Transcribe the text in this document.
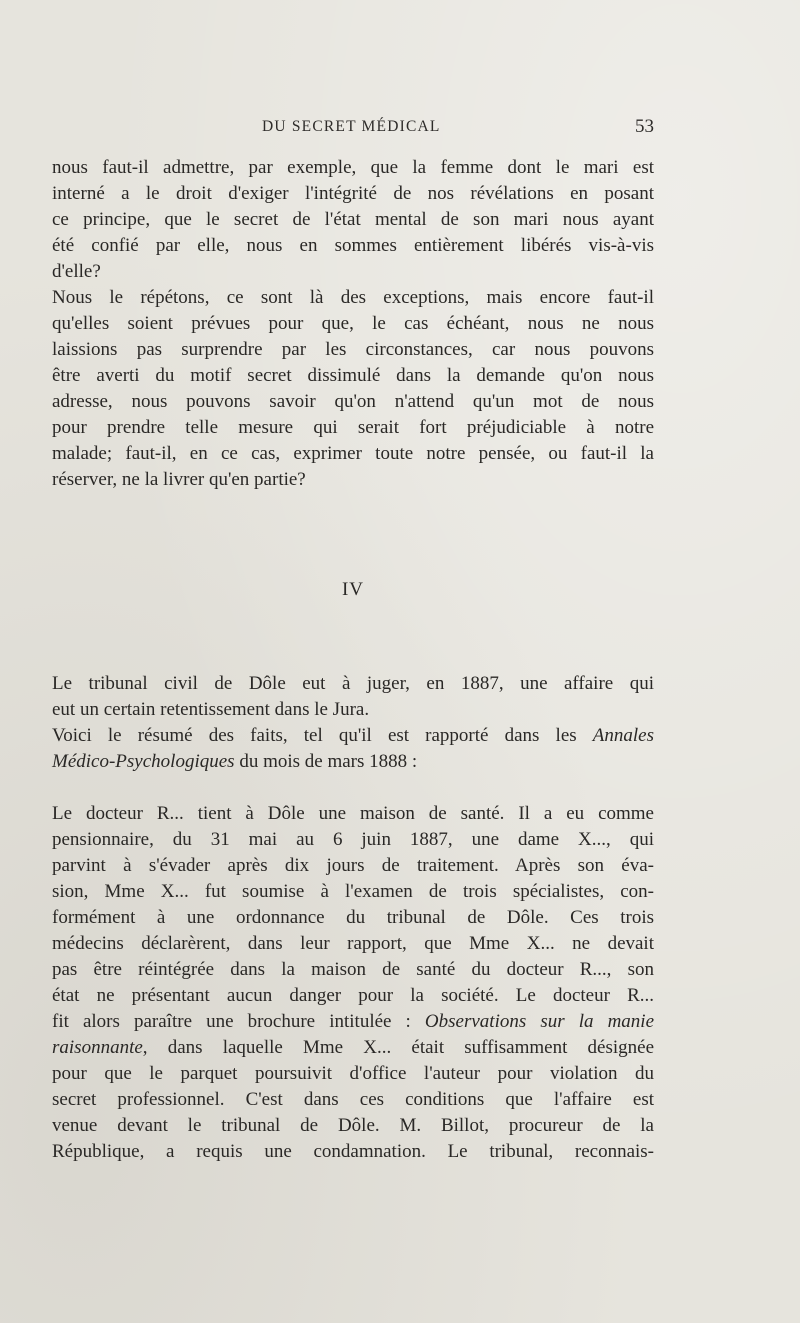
DU SECRET MÉDICAL	53
nous faut-il admettre, par exemple, que la femme dont le mari est
interné a le droit d'exiger l'intégrité de nos révélations en posant
ce principe, que le secret de l'état mental de son mari nous ayant
été confié par elle, nous en sommes entièrement libérés vis-à-vis
d'elle?
Nous le répétons, ce sont là des exceptions, mais encore faut-il
qu'elles soient prévues pour que, le cas échéant, nous ne nous
laissions pas surprendre par les circonstances, car nous pouvons
être averti du motif secret dissimulé dans la demande qu'on nous
adresse, nous pouvons savoir qu'on n'attend qu'un mot de nous
pour prendre telle mesure qui serait fort préjudiciable à notre
malade; faut-il, en ce cas, exprimer toute notre pensée, ou faut-il la
réserver, ne la livrer qu'en partie?
IV
Le tribunal civil de Dôle eut à juger, en 1887, une affaire qui
eut un certain retentissement dans le Jura.
Voici le résumé des faits, tel qu'il est rapporté dans les Annales
Médico-Psychologiques du mois de mars 1888 :
Le docteur R... tient à Dôle une maison de santé. Il a eu comme
pensionnaire, du 31 mai au 6 juin 1887, une dame X..., qui
parvint à s'évader après dix jours de traitement. Après son éva-
sion, Mme X... fut soumise à l'examen de trois spécialistes, con-
formément à une ordonnance du tribunal de Dôle. Ces trois
médecins déclarèrent, dans leur rapport, que Mme X... ne devait
pas être réintégrée dans la maison de santé du docteur R..., son
état ne présentant aucun danger pour la société. Le docteur R...
fit alors paraître une brochure intitulée : Observations sur la manie
raisonnante, dans laquelle Mme X... était suffisamment désignée
pour que le parquet poursuivit d'office l'auteur pour violation du
secret professionnel. C'est dans ces conditions que l'affaire est
venue devant le tribunal de Dôle. M. Billot, procureur de la
République, a requis une condamnation. Le tribunal, reconnais-
